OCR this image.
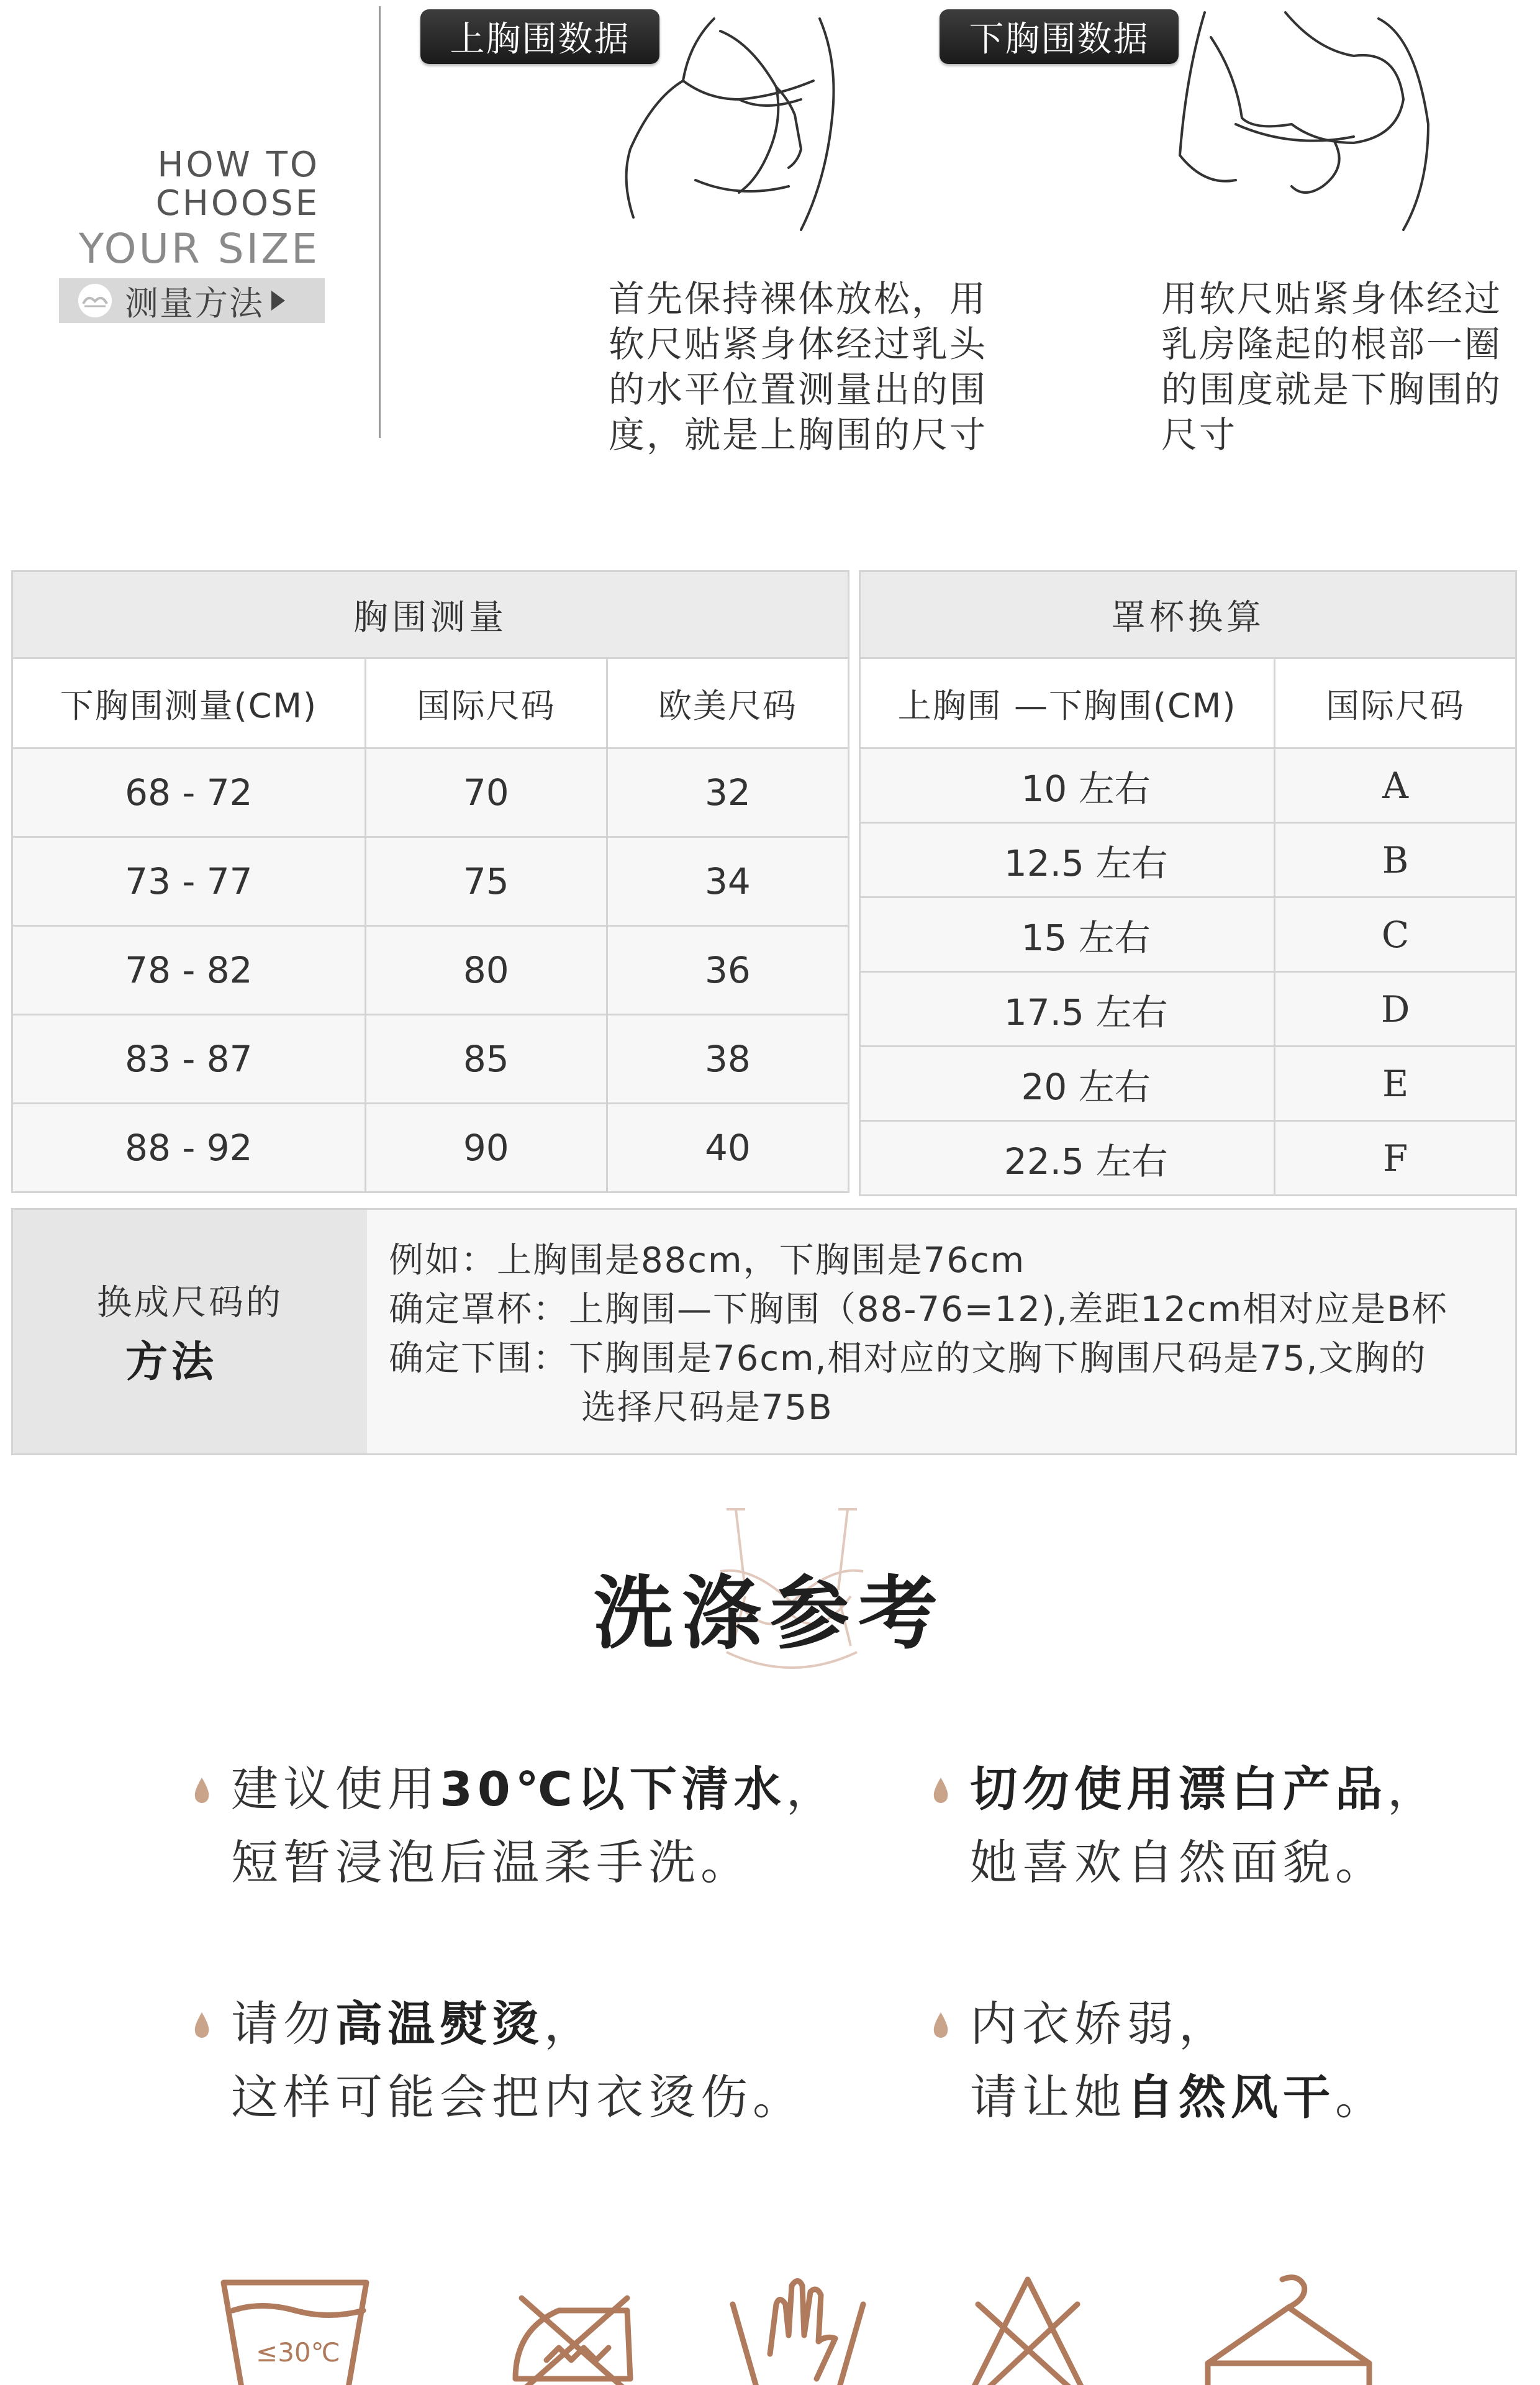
HOW TO
CHOOSE
YOUR SIZE
测量方法
上胸围数据	下胸围数据
首先保持裸体放松，用
软尺贴紧身体经过乳头
的水平位置测量出的围
度，就是上胸围的尺寸
用软尺贴紧身体经过
乳房隆起的根部一圈
的围度就是下胸围的
尺寸
胸围测量		
下胸围测量(CM)	国际尺码	欧美尺码
68 - 72	70	32
73 - 77	75	34
78 - 82	80	36
83 - 87	85	38
88 - 92	90	40
罩杯换算	
上胸围 —下胸围(CM)	国际尺码
10 左右	A
12.5 左右	B
15 左右	C
17.5 左右	D
20 左右	E
22.5 左右	F
换成尺码的
方法
例如：上胸围是88cm，下胸围是76cm
确定罩杯：上胸围—下胸围（88-76=12),差距12cm相对应是B杯
确定下围：下胸围是76cm,相对应的文胸下胸围尺码是75,文胸的
选择尺码是75B
洗涤参考
建议使用30℃以下清水，
短暂浸泡后温柔手洗。
切勿使用漂白产品，
她喜欢自然面貌。
请勿高温熨烫，
这样可能会把内衣烫伤。
内衣娇弱，
请让她自然风干。
≤30℃
